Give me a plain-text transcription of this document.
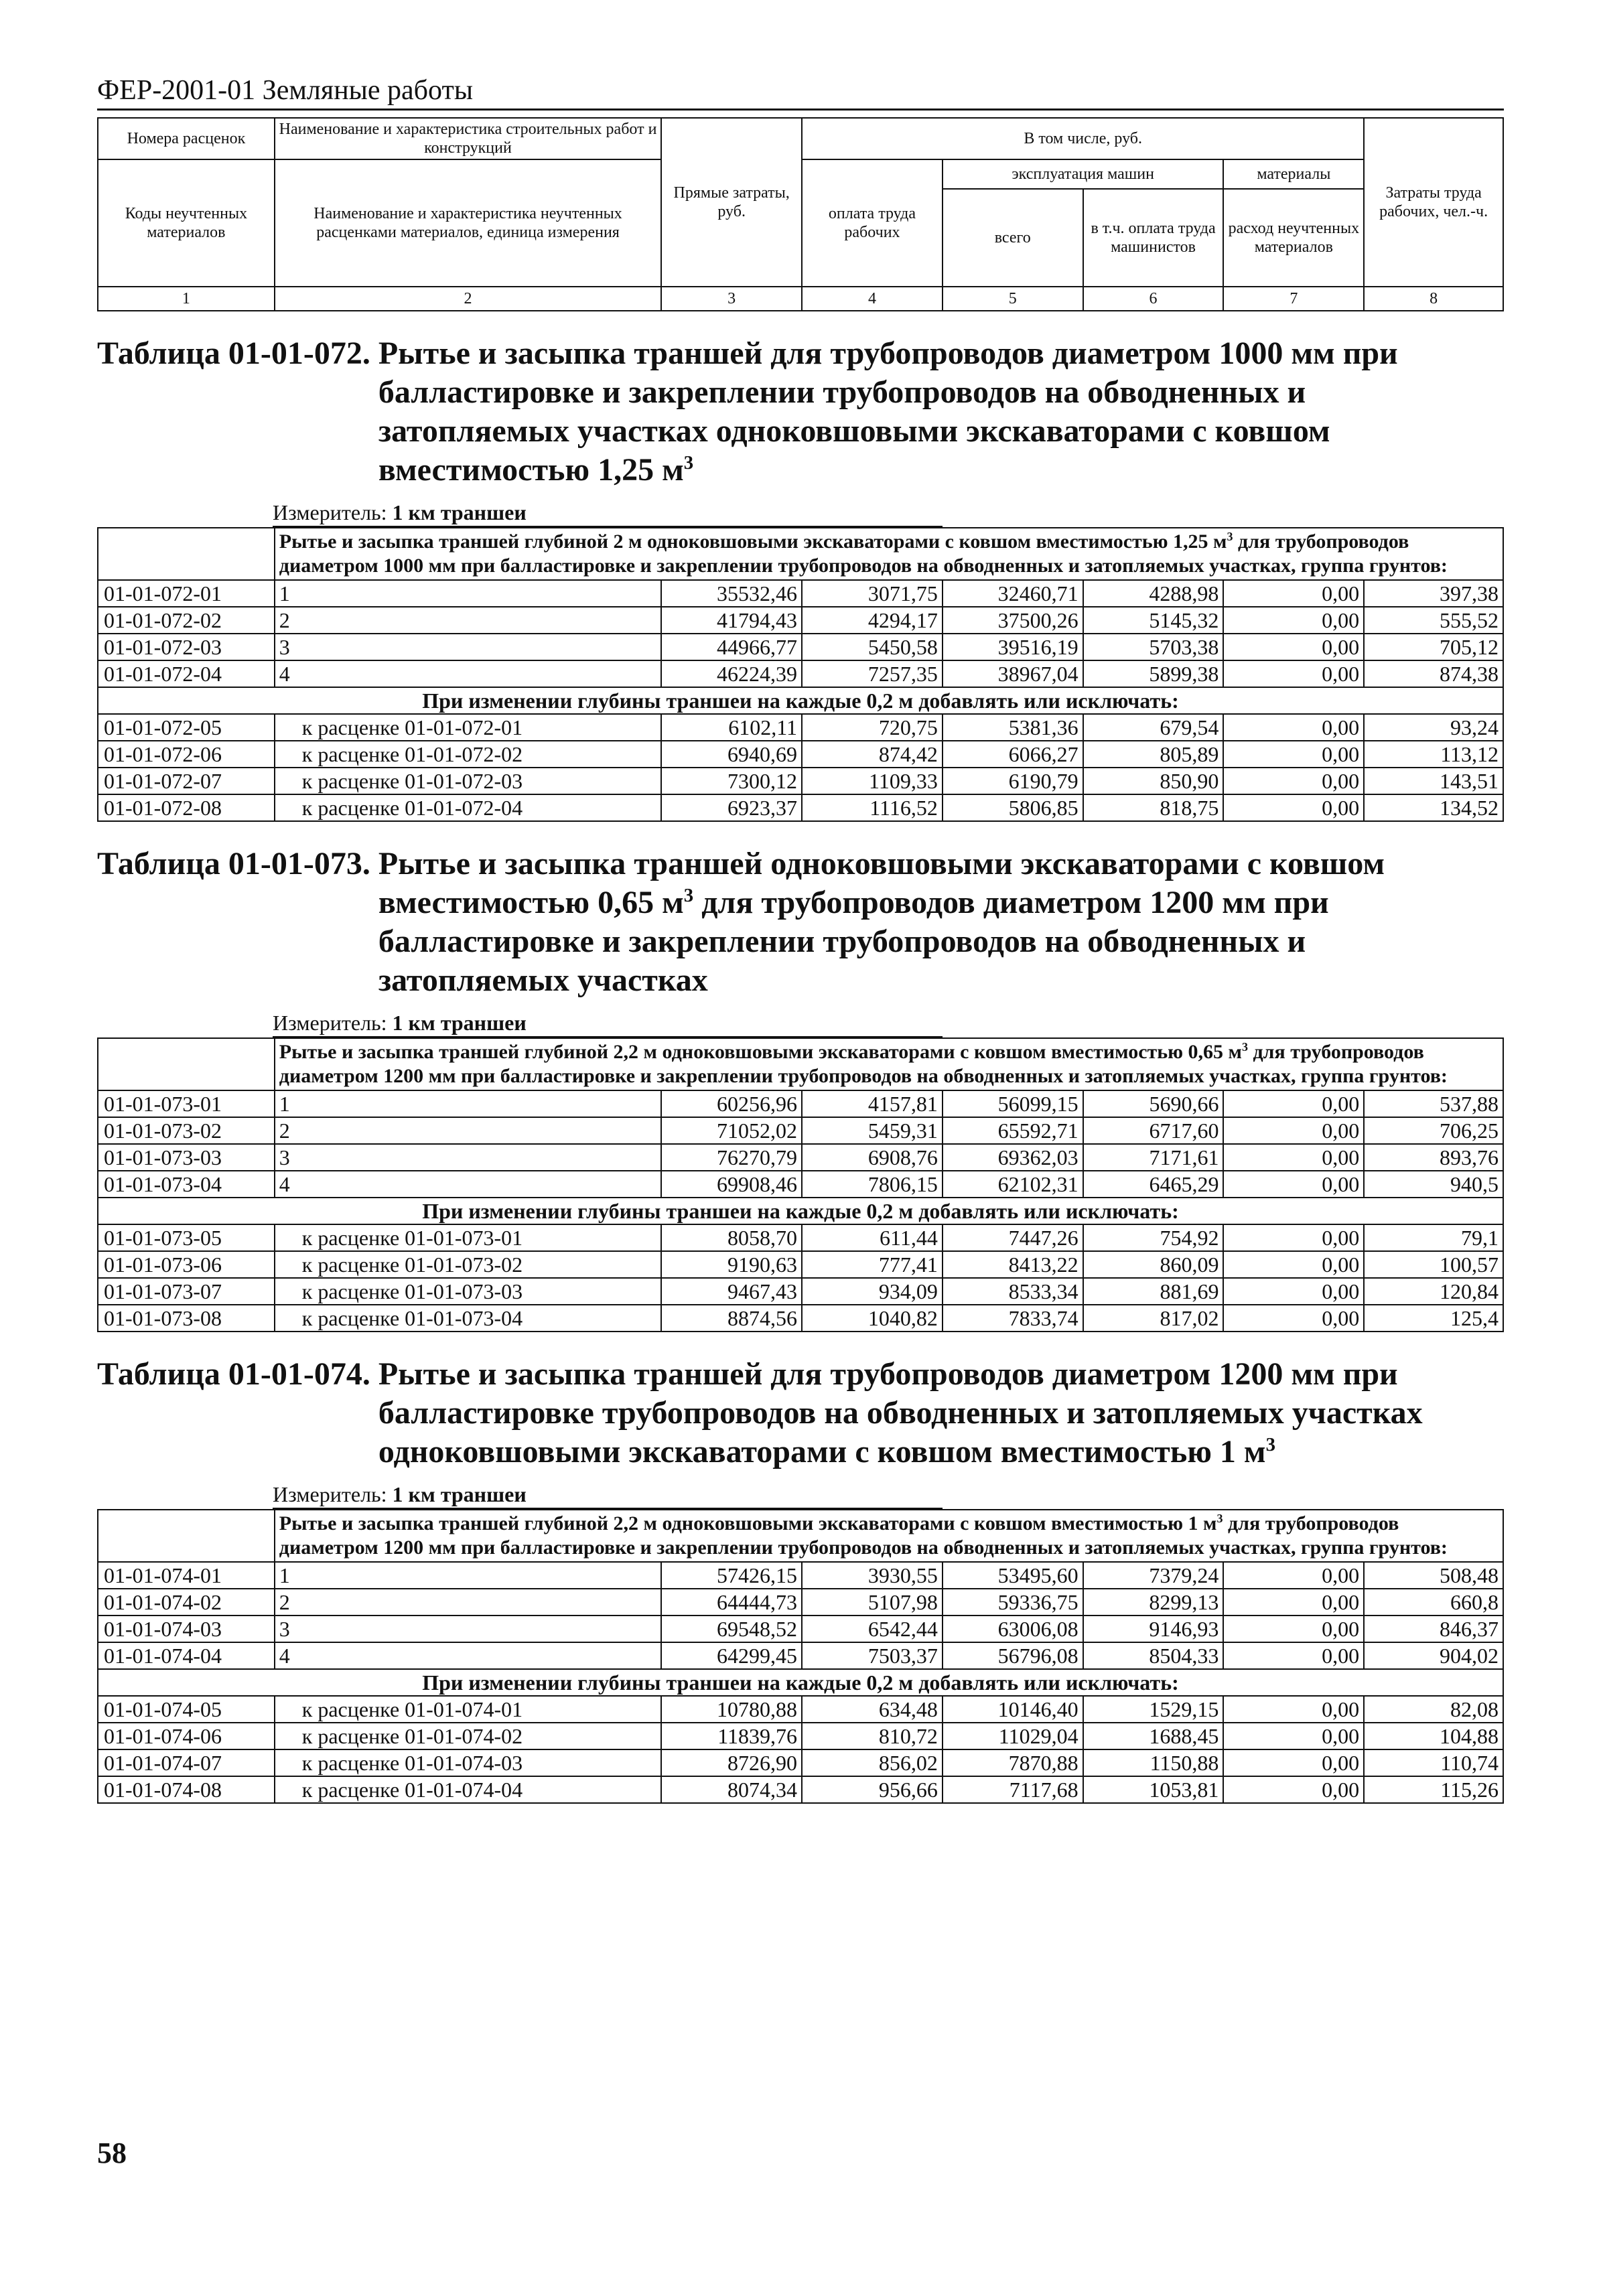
ФЕР-2001-01 Земляные работы
Номера расценок	Наименование и характеристика строительных работ и конструкций	Прямые затраты, руб.	В том числе, руб.				Затраты труда рабочих, чел.-ч.
Коды неучтенных материалов	Наименование и характеристика неучтенных расценками материалов, единица измерения		оплата труда рабочих	эксплуатация машин		материалы	
				всего	в т.ч. оплата труда машинистов	расход неучтенных материалов	
1	2	3	4	5	6	7	8
Таблица 01-01-072.
Рытье и засыпка траншей для трубопроводов диаметром 1000 мм при балластировке и закреплении трубопроводов на обводненных и затопляемых участках одноковшовыми экскаваторами с ковшом вместимостью 1,25 $м^3$
Измеритель: 1 км траншеи
	Рытье и засыпка траншей глубиной 2 м одноковшовыми экскаваторами с ковшом вместимостью 1,25 $м^3$ для трубопроводов диаметром 1000 мм при балластировке и закреплении трубопроводов на обводненных и затопляемых участках, группа грунтов:						
01-01-072-01	1	35532,46	3071,75	32460,71	4288,98	0,00	397,38
01-01-072-02	2	41794,43	4294,17	37500,26	5145,32	0,00	555,52
01-01-072-03	3	44966,77	5450,58	39516,19	5703,38	0,00	705,12
01-01-072-04	4	46224,39	7257,35	38967,04	5899,38	0,00	874,38
При изменении глубины траншеи на каждые 0,2 м добавлять или исключать:							
01-01-072-05	к расценке 01-01-072-01	6102,11	720,75	5381,36	679,54	0,00	93,24
01-01-072-06	к расценке 01-01-072-02	6940,69	874,42	6066,27	805,89	0,00	113,12
01-01-072-07	к расценке 01-01-072-03	7300,12	1109,33	6190,79	850,90	0,00	143,51
01-01-072-08	к расценке 01-01-072-04	6923,37	1116,52	5806,85	818,75	0,00	134,52
Таблица 01-01-073.
Рытье и засыпка траншей одноковшовыми экскаваторами с ковшом вместимостью 0,65 $м^3$ для трубопроводов диаметром 1200 мм при балластировке и закреплении трубопроводов на обводненных и затопляемых участках
Измеритель: 1 км траншеи
	Рытье и засыпка траншей глубиной 2,2 м одноковшовыми экскаваторами с ковшом вместимостью 0,65 $м^3$ для трубопроводов диаметром 1200 мм при балластировке и закреплении трубопроводов на обводненных и затопляемых участках, группа грунтов:						
01-01-073-01	1	60256,96	4157,81	56099,15	5690,66	0,00	537,88
01-01-073-02	2	71052,02	5459,31	65592,71	6717,60	0,00	706,25
01-01-073-03	3	76270,79	6908,76	69362,03	7171,61	0,00	893,76
01-01-073-04	4	69908,46	7806,15	62102,31	6465,29	0,00	940,5
При изменении глубины траншеи на каждые 0,2 м добавлять или исключать:							
01-01-073-05	к расценке 01-01-073-01	8058,70	611,44	7447,26	754,92	0,00	79,1
01-01-073-06	к расценке 01-01-073-02	9190,63	777,41	8413,22	860,09	0,00	100,57
01-01-073-07	к расценке 01-01-073-03	9467,43	934,09	8533,34	881,69	0,00	120,84
01-01-073-08	к расценке 01-01-073-04	8874,56	1040,82	7833,74	817,02	0,00	125,4
Таблица 01-01-074.
Рытье и засыпка траншей для трубопроводов диаметром 1200 мм при балластировке трубопроводов на обводненных и затопляемых участках одноковшовыми экскаваторами с ковшом вместимостью 1 $м^3$
Измеритель: 1 км траншеи
	Рытье и засыпка траншей глубиной 2,2 м одноковшовыми экскаваторами с ковшом вместимостью 1 $м^3$ для трубопроводов диаметром 1200 мм при балластировке и закреплении трубопроводов на обводненных и затопляемых участках, группа грунтов:						
01-01-074-01	1	57426,15	3930,55	53495,60	7379,24	0,00	508,48
01-01-074-02	2	64444,73	5107,98	59336,75	8299,13	0,00	660,8
01-01-074-03	3	69548,52	6542,44	63006,08	9146,93	0,00	846,37
01-01-074-04	4	64299,45	7503,37	56796,08	8504,33	0,00	904,02
При изменении глубины траншеи на каждые 0,2 м добавлять или исключать:							
01-01-074-05	к расценке 01-01-074-01	10780,88	634,48	10146,40	1529,15	0,00	82,08
01-01-074-06	к расценке 01-01-074-02	11839,76	810,72	11029,04	1688,45	0,00	104,88
01-01-074-07	к расценке 01-01-074-03	8726,90	856,02	7870,88	1150,88	0,00	110,74
01-01-074-08	к расценке 01-01-074-04	8074,34	956,66	7117,68	1053,81	0,00	115,26
58
